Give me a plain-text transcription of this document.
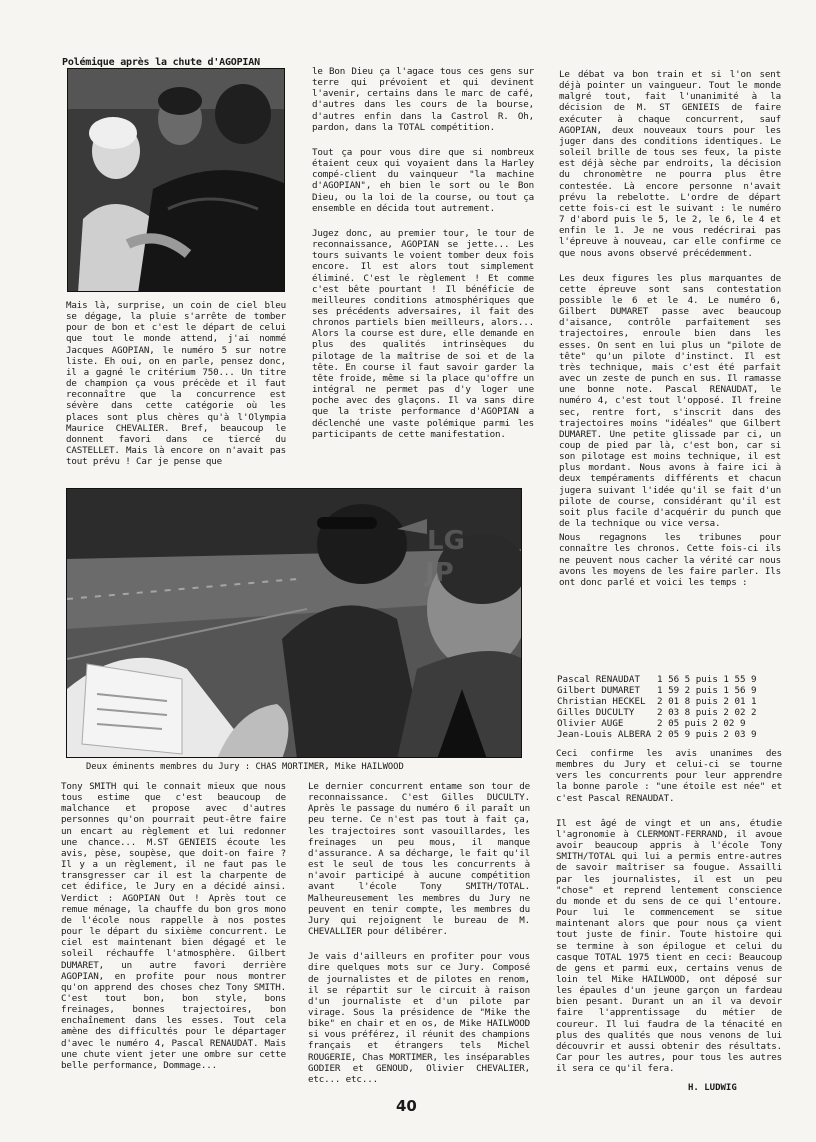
Polémique après la chute d'AGOPIAN

Mais là, surprise, un coin de ciel bleu se dégage, la pluie s'arrête de tomber pour de bon et c'est le départ de celui que tout le monde attend, j'ai nommé Jacques AGOPIAN, le numéro 5 sur notre liste. Eh oui, on en parle, pensez donc, il a gagné le critérium 750... Un titre de champion ça vous précède et il faut reconnaître que la concurrence est sévère dans cette catégorie où les places sont plus chères qu'à l'Olympia Maurice CHEVALIER. Bref, beaucoup le donnent favori dans ce tiercé du CASTELLET. Mais là encore on n'avait pas tout prévu ! Car je pense que

le Bon Dieu ça l'agace tous ces gens sur terre qui prévoient et qui devinent l'avenir, certains dans le marc de café, d'autres dans les cours de la bourse, d'autres enfin dans la Castrol R. Oh, pardon, dans la TOTAL compétition.

Tout ça pour vous dire que si nombreux étaient ceux qui voyaient dans la Harley compé-client du vainqueur "la machine d'AGOPIAN", eh bien le sort ou le Bon Dieu, ou la loi de la course, ou tout ça ensemble en décida tout autrement.

Jugez donc, au premier tour, le tour de reconnaissance, AGOPIAN se jette... Les tours suivants le voient tomber deux fois encore. Il est alors tout simplement éliminé. C'est le règlement ! Et comme c'est bête pourtant ! Il bénéficie de meilleures conditions atmosphériques que ses précédents adversaires, il fait des chronos partiels bien meilleurs, alors... Alors la course est dure, elle demande en plus des qualités intrinsèques du pilotage de la maîtrise de soi et de la tête. En course il faut savoir garder la tête froide, même si la place qu'offre un intégral ne permet pas d'y loger une poche avec des glaçons. Il va sans dire que la triste performance d'AGOPIAN a déclenché une vaste polémique parmi les participants de cette manifestation.

Le débat va bon train et si l'on sent déjà pointer un vaingueur. Tout le monde malgré tout, fait l'unanimité à la décision de M. ST GENIEIS de faire exécuter à chaque concurrent, sauf AGOPIAN, deux nouveaux tours pour les juger dans des conditions identiques. Le soleil brille de tous ses feux, la piste est déjà sèche par endroits, la décision du chronomètre ne pourra plus être contestée. Là encore personne n'avait prévu la rebelotte. L'ordre de départ cette fois-ci est le suivant : le numéro 7 d'abord puis le 5, le 2, le 6, le 4 et enfin le 1. Je ne vous redécrirai pas l'épreuve à nouveau, car elle confirme ce que nous avons observé précédemment.

Les deux figures les plus marquantes de cette épreuve sont sans contestation possible le 6 et le 4. Le numéro 6, Gilbert DUMARET passe avec beaucoup d'aisance, contrôle parfaitement ses trajectoires, enroule bien dans les esses. On sent en lui plus un "pilote de tête" qu'un pilote d'instinct. Il est très technique, mais c'est été parfait avec un zeste de punch en sus. Il ramasse une bonne note. Pascal RENAUDAT, le numéro 4, c'est tout l'opposé. Il freine sec, rentre fort, s'inscrit dans des trajectoires moins "idéales" que Gilbert DUMARET. Une petite glissade par ci, un coup de pied par là, c'est bon, car si son pilotage est moins technique, il est plus mordant. Nous avons à faire ici à deux tempéraments différents et chacun jugera suivant l'idée qu'il se fait d'un pilote de course, considérant qu'il est soit plus facile d'acquérir du punch que de la technique ou vice versa.

Nous regagnons les tribunes pour connaître les chronos. Cette fois-ci ils ne peuvent nous cacher la vérité car nous avons les moyens de les faire parler. Ils ont donc parlé et voici les temps :

Pascal RENAUDAT	1 56 5 puis 1 55 9
Gilbert DUMARET	1 59 2 puis 1 56 9
Christian HECKEL	2 01 8 puis 2 01 1
Gilles DUCULTY	2 03 8 puis 2 02 2
Olivier AUGE	2 05 puis 2 02 9
Jean-Louis ALBERA 2 05 9 puis 2 03 9
LG
JP
Deux éminents membres du Jury : CHAS MORTIMER, Mike HAILWOOD

Tony SMITH qui le connait mieux que nous tous estime que c'est beaucoup de malchance et propose avec d'autres personnes qu'on pourrait peut-être faire un encart au règlement et lui redonner une chance... M.ST GENIEIS écoute les avis, pèse, soupèse, que doit-on faire ? Il y a un règlement, il ne faut pas le transgresser car il est la charpente de cet édifice, le Jury en a décidé ainsi. Verdict : AGOPIAN Out ! Après tout ce remue ménage, la chauffe du bon gros mono de l'école nous rappelle à nos postes pour le départ du sixième concurrent. Le ciel est maintenant bien dégagé et le soleil réchauffe l'atmosphère. Gilbert DUMARET, un autre favori derrière AGOPIAN, en profite pour nous montrer qu'on apprend des choses chez Tony SMITH. C'est tout bon, bon style, bons freinages, bonnes trajectoires, bon enchaînement dans les esses. Tout cela amène des difficultés pour le départager d'avec le numéro 4, Pascal RENAUDAT. Mais une chute vient jeter une ombre sur cette belle performance, Dommage...

Le dernier concurrent entame son tour de reconnaissance. C'est Gilles DUCULTY. Après le passage du numéro 6 il paraît un peu terne. Ce n'est pas tout à fait ça, les trajectoires sont vasouillardes, les freinages un peu mous, il manque d'assurance. A sa décharge, le fait qu'il est le seul de tous les concurrents à n'avoir participé à aucune compétition avant l'école Tony SMITH/TOTAL. Malheureusement les membres du Jury ne peuvent en tenir compte, les membres du Jury qui rejoignent le bureau de M. CHEVALLIER pour délibérer.

Je vais d'ailleurs en profiter pour vous dire quelques mots sur ce Jury. Composé de journalistes et de pilotes en renom, il se répartit sur le circuit à raison d'un journaliste et d'un pilote par virage. Sous la présidence de "Mike the bike" en chair et en os, de Mike HAILWOOD si vous préférez, il réunit des champions français et étrangers tels Michel ROUGERIE, Chas MORTIMER, les inséparables GODIER et GENOUD, Olivier CHEVALIER, etc... etc...

Ceci confirme les avis unanimes des membres du Jury et celui-ci se tourne vers les concurrents pour leur apprendre la bonne parole : "une étoile est née" et c'est Pascal RENAUDAT.

Il est âgé de vingt et un ans, étudie l'agronomie à CLERMONT-FERRAND, il avoue avoir beaucoup appris à l'école Tony SMITH/TOTAL qui lui a permis entre-autres de savoir maîtriser sa fougue. Assailli par les journalistes, il est un peu "chose" et reprend lentement conscience du monde et du sens de ce qui l'entoure. Pour lui le commencement se situe maintenant alors que pour nous ça vient tout juste de finir. Toute histoire qui se termine à son épilogue et celui du casque TOTAL 1975 tient en ceci: Beaucoup de gens et parmi eux, certains venus de loin tel Mike HAILWOOD, ont déposé sur les épaules d'un jeune garçon un fardeau bien pesant. Durant un an il va devoir faire l'apprentissage du métier de coureur. Il lui faudra de la ténacité en plus des qualités que nous venons de lui découvrir et aussi obtenir des résultats. Car pour les autres, pour tous les autres il sera ce qu'il fera.

H. LUDWIG
40
